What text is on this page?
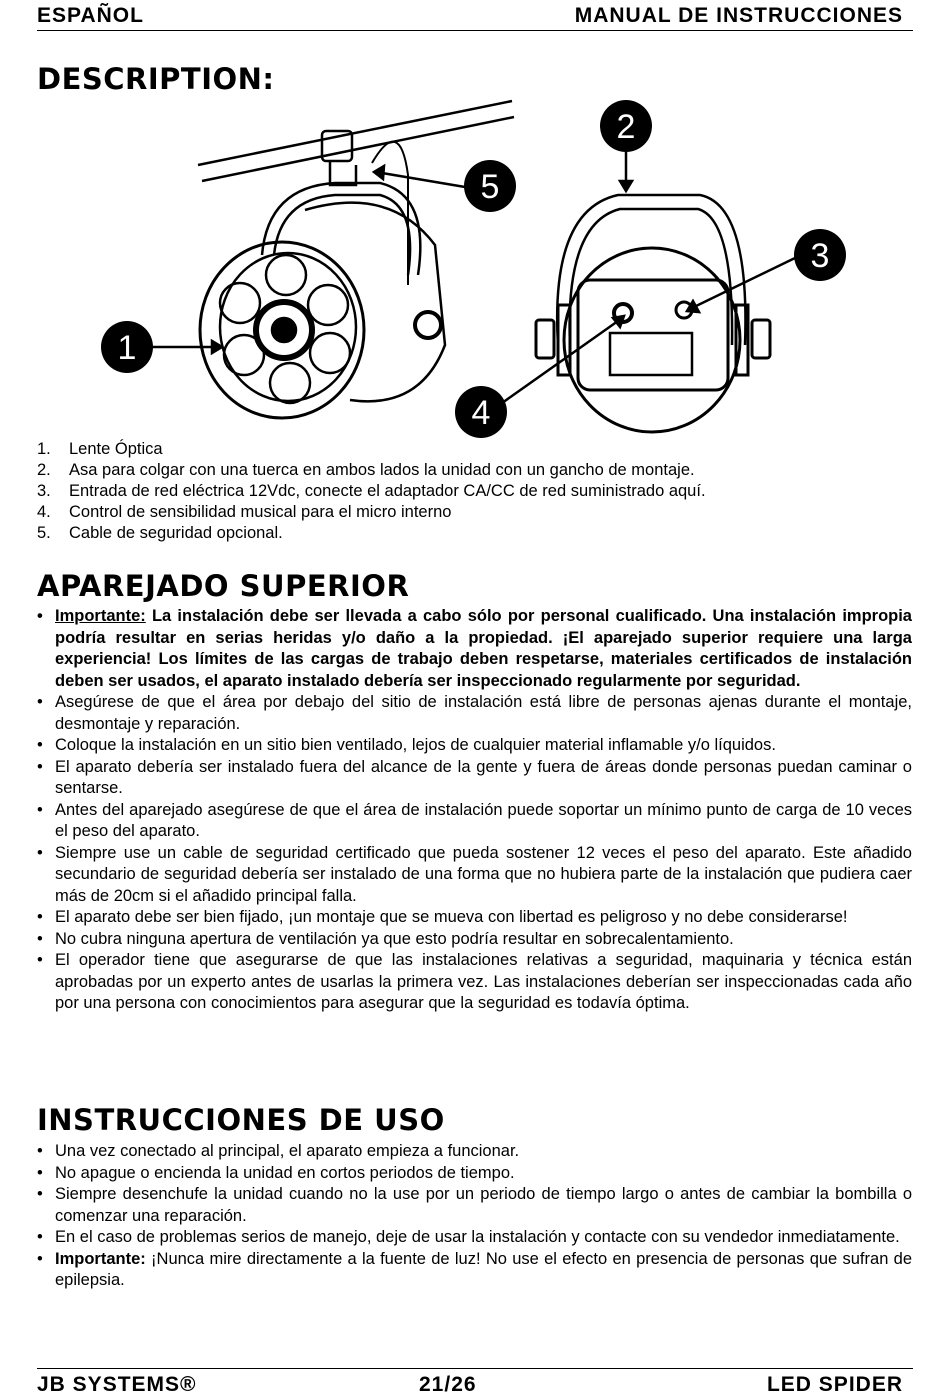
ESPAÑOL	MANUAL DE INSTRUCCIONES
DESCRIPTION:
1
2
3
4
5
1.	Lente Óptica
2.	Asa para colgar con una tuerca en ambos lados la unidad con un gancho de montaje.
3.	Entrada de red eléctrica 12Vdc, conecte el adaptador CA/CC de red suministrado aquí.
4.	Control de sensibilidad musical para el micro interno
5.	Cable de seguridad opcional.
APAREJADO SUPERIOR
• Importante: La instalación debe ser llevada a cabo sólo por personal cualificado. Una instalación impropia podría resultar en serias heridas y/o daño a la propiedad. ¡El aparejado superior requiere una larga experiencia! Los límites de las cargas de trabajo deben respetarse, materiales certificados de instalación deben ser usados, el aparato instalado debería ser inspeccionado regularmente por seguridad.
• Asegúrese de que el área por debajo del sitio de instalación está libre de personas ajenas durante el montaje, desmontaje y reparación.
• Coloque la instalación en un sitio bien ventilado, lejos de cualquier material inflamable y/o líquidos.
• El aparato debería ser instalado fuera del alcance de la gente y fuera de áreas donde personas puedan caminar o sentarse.
• Antes del aparejado asegúrese de que el área de instalación puede soportar un mínimo punto de carga de 10 veces el peso del aparato.
• Siempre use un cable de seguridad certificado que pueda sostener 12 veces el peso del aparato. Este añadido secundario de seguridad debería ser instalado de una forma que no hubiera parte de la instalación que pudiera caer más de 20cm si el añadido principal falla.
• El aparato debe ser bien fijado, ¡un montaje que se mueva con libertad es peligroso y no debe considerarse!
• No cubra ninguna apertura de ventilación ya que esto podría resultar en sobrecalentamiento.
• El operador tiene que asegurarse de que las instalaciones relativas a seguridad, maquinaria y técnica están aprobadas por un experto antes de usarlas la primera vez. Las instalaciones deberían ser inspeccionadas cada año por una persona con conocimientos para asegurar que la seguridad es todavía óptima.
INSTRUCCIONES DE USO
• Una vez conectado al principal, el aparato empieza a funcionar.
• No apague o encienda la unidad en cortos periodos de tiempo.
• Siempre desenchufe la unidad cuando no la use por un periodo de tiempo largo o antes de cambiar la bombilla o comenzar una reparación.
• En el caso de problemas serios de manejo, deje de usar la instalación y contacte con su vendedor inmediatamente.
• Importante: ¡Nunca mire directamente a la fuente de luz! No use el efecto en presencia de personas que sufran de epilepsia.
JB SYSTEMS®	21/26	LED SPIDER
